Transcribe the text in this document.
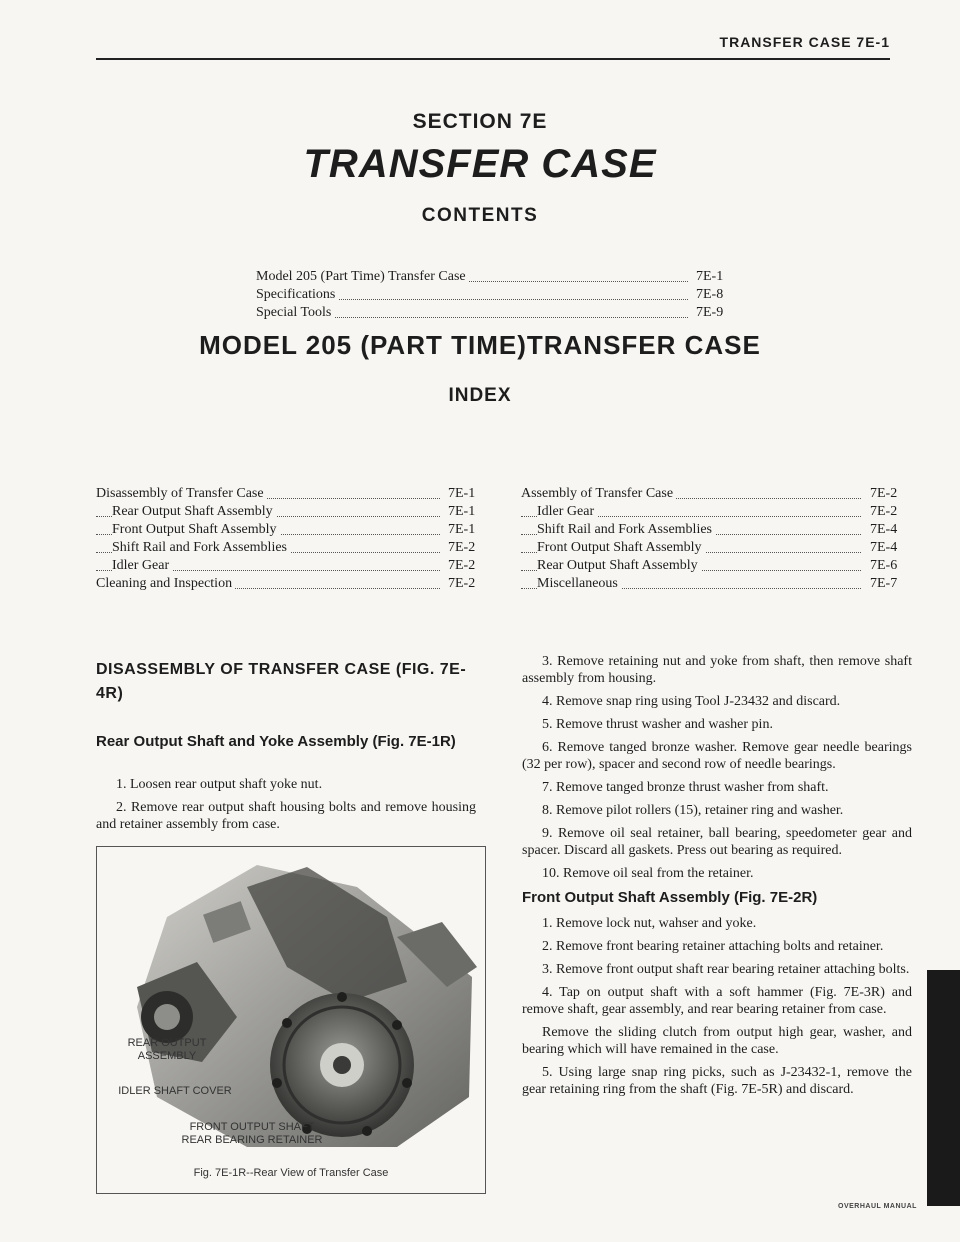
TRANSFER CASE 7E-1
SECTION 7E
TRANSFER CASE
CONTENTS
Model 205 (Part Time) Transfer Case	7E-1
Specifications	7E-8
Special Tools	7E-9
MODEL 205 (PART TIME)TRANSFER CASE
INDEX
Disassembly of Transfer Case	7E-1
Rear Output Shaft Assembly	7E-1
Front Output Shaft Assembly	7E-1
Shift Rail and Fork Assemblies	7E-2
Idler Gear	7E-2
Cleaning and Inspection	7E-2
Assembly of Transfer Case	7E-2
Idler Gear	7E-2
Shift Rail and Fork Assemblies	7E-4
Front Output Shaft Assembly	7E-4
Rear Output Shaft Assembly	7E-6
Miscellaneous	7E-7
DISASSEMBLY OF TRANSFER CASE (FIG. 7E-4R)
Rear Output Shaft and Yoke Assembly (Fig. 7E-1R)

1. Loosen rear output shaft yoke nut.

2. Remove rear output shaft housing bolts and remove housing and retainer assembly from case.

REAR OUTPUT
ASSEMBLY
IDLER SHAFT COVER
FRONT OUTPUT SHAFT
REAR BEARING RETAINER
Fig. 7E-1R--Rear View of Transfer Case

3. Remove retaining nut and yoke from shaft, then remove shaft assembly from housing.

4. Remove snap ring using Tool J-23432 and discard.

5. Remove thrust washer and washer pin.

6. Remove tanged bronze washer. Remove gear needle bearings (32 per row), spacer and second row of needle bearings.

7. Remove tanged bronze thrust washer from shaft.

8. Remove pilot rollers (15), retainer ring and washer.

9. Remove oil seal retainer, ball bearing, speedometer gear and spacer. Discard all gaskets. Press out bearing as required.

10. Remove oil seal from the retainer.

Front Output Shaft Assembly (Fig. 7E-2R)

1. Remove lock nut, wahser and yoke.

2. Remove front bearing retainer attaching bolts and retainer.

3. Remove front output shaft rear bearing retainer attaching bolts.

4. Tap on output shaft with a soft hammer (Fig. 7E-3R) and remove shaft, gear assembly, and rear bearing retainer from case.

Remove the sliding clutch from output high gear, washer, and bearing which will have remained in the case.

5. Using large snap ring picks, such as J-23432-1, remove the gear retaining ring from the shaft (Fig. 7E-5R) and discard.

OVERHAUL MANUAL
